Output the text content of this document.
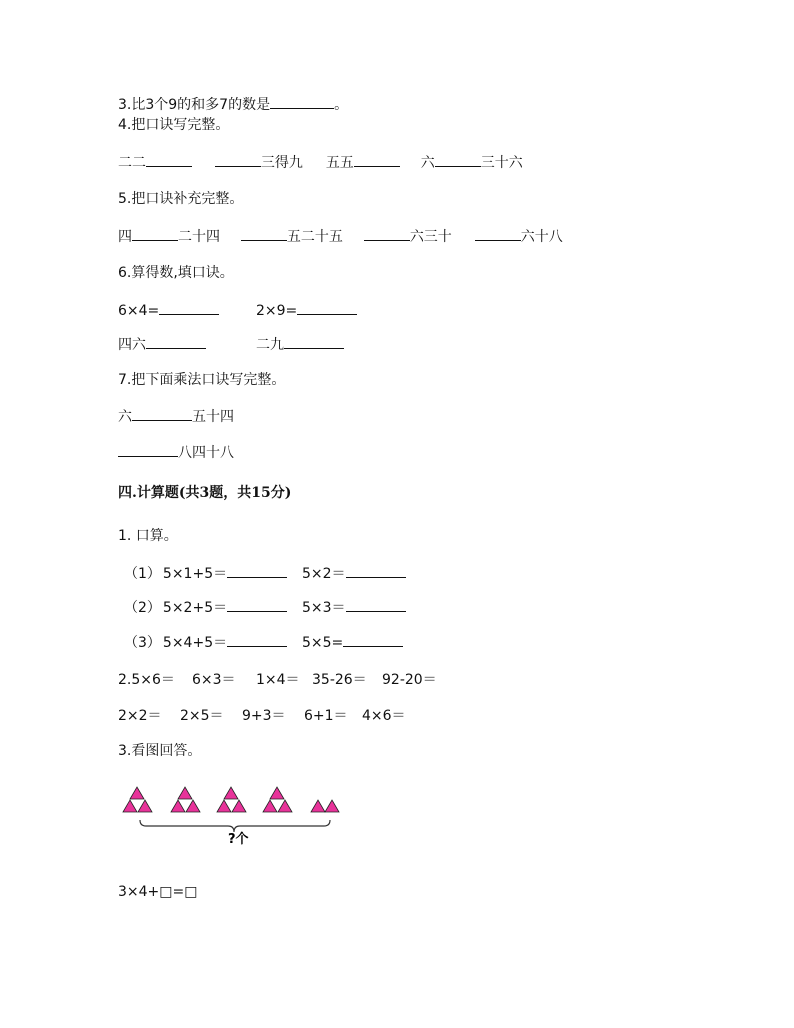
3.比3个9的和多7的数是	。
4.把口诀写完整。
二二	三得九 五五	六	三十六
5.把口诀补充完整。
四	二十四	五二十五	六三十	六十八
6.算得数,填口诀。
6×4=	2×9=
四六	二九
7.把下面乘法口诀写完整。
六	五十四
八四十八
四.计算题(共3题，共15分)
1. 口算。
（1） 5×1+5＝	5×2＝
（2） 5×2+5＝	5×3＝
（3） 5×4+5＝	5×5=
2.5×6＝ 6×3＝ 1×4＝ 35-26＝ 92-20＝
2×2＝ 2×5＝ 9+3＝ 6+1＝ 4×6＝
3.看图回答。
?个
3×4+□=□
